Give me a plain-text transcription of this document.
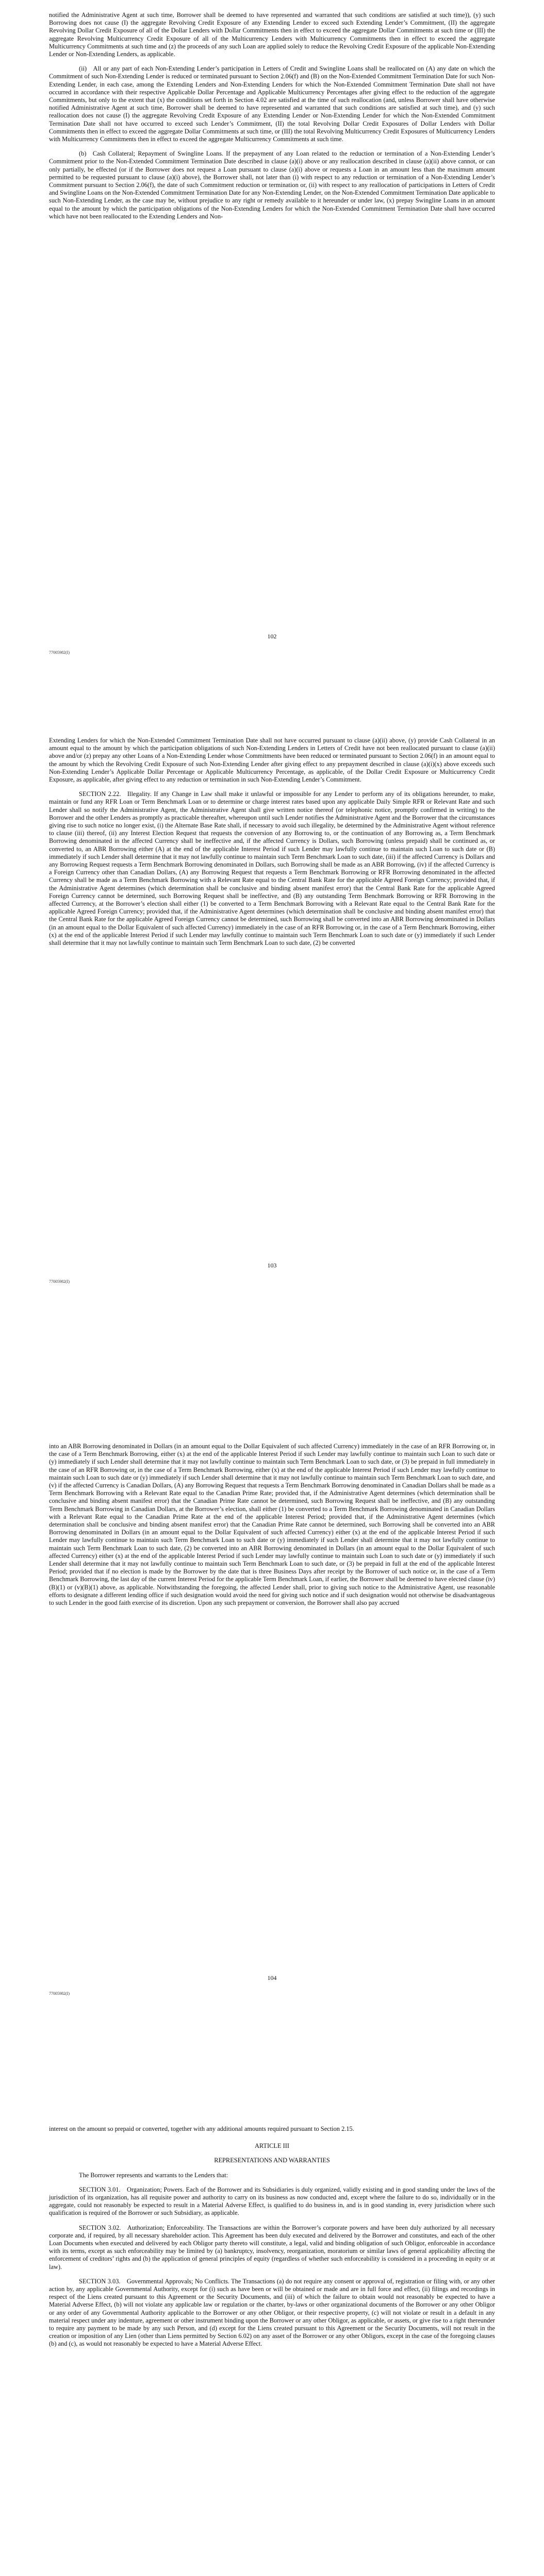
notified the Administrative Agent at such time, Borrower shall be deemed to have represented and warranted that such conditions are satisfied at such time)), (y) such Borrowing does not cause (I) the aggregate Revolving Credit Exposure of any Extending Lender to exceed such Extending Lender’s Commitment, (II) the aggregate Revolving Dollar Credit Exposure of all of the Dollar Lenders with Dollar Commitments then in effect to exceed the aggregate Dollar Commitments at such time or (III) the aggregate Revolving Multicurrency Credit Exposure of all of the Multicurrency Lenders with Multicurrency Commitments then in effect to exceed the aggregate Multicurrency Commitments at such time and (z) the proceeds of any such Loan are applied solely to reduce the Revolving Credit Exposure of the applicable Non-Extending Lender or Non-Extending Lenders, as applicable.

(ii) All or any part of each Non-Extending Lender’s participation in Letters of Credit and Swingline Loans shall be reallocated on (A) any date on which the Commitment of such Non-Extending Lender is reduced or terminated pursuant to Section 2.06(f) and (B) on the Non-Extended Commitment Termination Date for such Non-Extending Lender, in each case, among the Extending Lenders and Non-Extending Lenders for which the Non-Extended Commitment Termination Date shall not have occurred in accordance with their respective Applicable Dollar Percentage and Applicable Multicurrency Percentages after giving effect to the reduction of the aggregate Commitments, but only to the extent that (x) the conditions set forth in Section 4.02 are satisfied at the time of such reallocation (and, unless Borrower shall have otherwise notified Administrative Agent at such time, Borrower shall be deemed to have represented and warranted that such conditions are satisfied at such time), and (y) such reallocation does not cause (I) the aggregate Revolving Credit Exposure of any Extending Lender or Non-Extending Lender for which the Non-Extended Commitment Termination Date shall not have occurred to exceed such Lender’s Commitment, (II) the total Revolving Dollar Credit Exposures of Dollar Lenders with Dollar Commitments then in effect to exceed the aggregate Dollar Commitments at such time, or (III) the total Revolving Multicurrency Credit Exposures of Multicurrency Lenders with Multicurrency Commitments then in effect to exceed the aggregate Multicurrency Commitments at such time.

(b) Cash Collateral; Repayment of Swingline Loans. If the prepayment of any Loan related to the reduction or termination of a Non-Extending Lender’s Commitment prior to the Non-Extended Commitment Termination Date described in clause (a)(i) above or any reallocation described in clause (a)(ii) above cannot, or can only partially, be effected (or if the Borrower does not request a Loan pursuant to clause (a)(i) above or requests a Loan in an amount less than the maximum amount permitted to be requested pursuant to clause (a)(i) above), the Borrower shall, not later than (i) with respect to any reduction or termination of a Non-Extending Lender’s Commitment pursuant to Section 2.06(f), the date of such Commitment reduction or termination or, (ii) with respect to any reallocation of participations in Letters of Credit and Swingline Loans on the Non-Extended Commitment Termination Date for any Non-Extending Lender, on the Non-Extended Commitment Termination Date applicable to such Non-Extending Lender, as the case may be, without prejudice to any right or remedy available to it hereunder or under law, (x) prepay Swingline Loans in an amount equal to the amount by which the participation obligations of the Non-Extending Lenders for which the Non-Extended Commitment Termination Date shall have occurred which have not been reallocated to the Extending Lenders and Non-

102
77005982(I)

Extending Lenders for which the Non-Extended Commitment Termination Date shall not have occurred pursuant to clause (a)(ii) above, (y) provide Cash Collateral in an amount equal to the amount by which the participation obligations of such Non-Extending Lenders in Letters of Credit have not been reallocated pursuant to clause (a)(ii) above and/or (z) prepay any other Loans of a Non-Extending Lender whose Commitments have been reduced or terminated pursuant to Section 2.06(f) in an amount equal to the amount by which the Revolving Credit Exposure of such Non-Extending Lender after giving effect to any prepayment described in clause (a)(i)(x) above exceeds such Non-Extending Lender’s Applicable Dollar Percentage or Applicable Multicurrency Percentage, as applicable, of the Dollar Credit Exposure or Multicurrency Credit Exposure, as applicable, after giving effect to any reduction or termination in such Non-Extending Lender’s Commitment.

SECTION 2.22. Illegality. If any Change in Law shall make it unlawful or impossible for any Lender to perform any of its obligations hereunder, to make, maintain or fund any RFR Loan or Term Benchmark Loan or to determine or charge interest rates based upon any applicable Daily Simple RFR or Relevant Rate and such Lender shall so notify the Administrative Agent, the Administrative Agent shall give written notice thereof (or telephonic notice, promptly confirmed in writing) to the Borrower and the other Lenders as promptly as practicable thereafter, whereupon until such Lender notifies the Administrative Agent and the Borrower that the circumstances giving rise to such notice no longer exist, (i) the Alternate Base Rate shall, if necessary to avoid such illegality, be determined by the Administrative Agent without reference to clause (iii) thereof, (ii) any Interest Election Request that requests the conversion of any Borrowing to, or the continuation of any Borrowing as, a Term Benchmark Borrowing denominated in the affected Currency shall be ineffective and, if the affected Currency is Dollars, such Borrowing (unless prepaid) shall be continued as, or converted to, an ABR Borrowing either (A) at the end of the applicable Interest Period if such Lender may lawfully continue to maintain such Loan to such date or (B) immediately if such Lender shall determine that it may not lawfully continue to maintain such Term Benchmark Loan to such date, (iii) if the affected Currency is Dollars and any Borrowing Request requests a Term Benchmark Borrowing denominated in Dollars, such Borrowing shall be made as an ABR Borrowing, (iv) if the affected Currency is a Foreign Currency other than Canadian Dollars, (A) any Borrowing Request that requests a Term Benchmark Borrowing or RFR Borrowing denominated in the affected Currency shall be made as a Term Benchmark Borrowing with a Relevant Rate equal to the Central Bank Rate for the applicable Agreed Foreign Currency; provided that, if the Administrative Agent determines (which determination shall be conclusive and binding absent manifest error) that the Central Bank Rate for the applicable Agreed Foreign Currency cannot be determined, such Borrowing Request shall be ineffective, and (B) any outstanding Term Benchmark Borrowing or RFR Borrowing in the affected Currency, at the Borrower’s election shall either (1) be converted to a Term Benchmark Borrowing with a Relevant Rate equal to the Central Bank Rate for the applicable Agreed Foreign Currency; provided that, if the Administrative Agent determines (which determination shall be conclusive and binding absent manifest error) that the Central Bank Rate for the applicable Agreed Foreign Currency cannot be determined, such Borrowing shall be converted into an ABR Borrowing denominated in Dollars (in an amount equal to the Dollar Equivalent of such affected Currency) immediately in the case of an RFR Borrowing or, in the case of a Term Benchmark Borrowing, either (x) at the end of the applicable Interest Period if such Lender may lawfully continue to maintain such Term Benchmark Loan to such date or (y) immediately if such Lender shall determine that it may not lawfully continue to maintain such Term Benchmark Loan to such date, (2) be converted

103
77005982(I)

into an ABR Borrowing denominated in Dollars (in an amount equal to the Dollar Equivalent of such affected Currency) immediately in the case of an RFR Borrowing or, in the case of a Term Benchmark Borrowing, either (x) at the end of the applicable Interest Period if such Lender may lawfully continue to maintain such Loan to such date or (y) immediately if such Lender shall determine that it may not lawfully continue to maintain such Term Benchmark Loan to such date, or (3) be prepaid in full immediately in the case of an RFR Borrowing or, in the case of a Term Benchmark Borrowing, either (x) at the end of the applicable Interest Period if such Lender may lawfully continue to maintain such Loan to such date or (y) immediately if such Lender shall determine that it may not lawfully continue to maintain such Term Benchmark Loan to such date, and (v) if the affected Currency is Canadian Dollars, (A) any Borrowing Request that requests a Term Benchmark Borrowing denominated in Canadian Dollars shall be made as a Term Benchmark Borrowing with a Relevant Rate equal to the Canadian Prime Rate; provided that, if the Administrative Agent determines (which determination shall be conclusive and binding absent manifest error) that the Canadian Prime Rate cannot be determined, such Borrowing Request shall be ineffective, and (B) any outstanding Term Benchmark Borrowing in Canadian Dollars, at the Borrower’s election, shall either (1) be converted to a Term Benchmark Borrowing denominated in Canadian Dollars with a Relevant Rate equal to the Canadian Prime Rate at the end of the applicable Interest Period; provided that, if the Administrative Agent determines (which determination shall be conclusive and binding absent manifest error) that the Canadian Prime Rate cannot be determined, such Borrowing shall be converted into an ABR Borrowing denominated in Dollars (in an amount equal to the Dollar Equivalent of such affected Currency) either (x) at the end of the applicable Interest Period if such Lender may lawfully continue to maintain such Term Benchmark Loan to such date or (y) immediately if such Lender shall determine that it may not lawfully continue to maintain such Term Benchmark Loan to such date, (2) be converted into an ABR Borrowing denominated in Dollars (in an amount equal to the Dollar Equivalent of such affected Currency) either (x) at the end of the applicable Interest Period if such Lender may lawfully continue to maintain such Loan to such date or (y) immediately if such Lender shall determine that it may not lawfully continue to maintain such Term Benchmark Loan to such date, or (3) be prepaid in full at the end of the applicable Interest Period; provided that if no election is made by the Borrower by the date that is three Business Days after receipt by the Borrower of such notice or, in the case of a Term Benchmark Borrowing, the last day of the current Interest Period for the applicable Term Benchmark Loan, if earlier, the Borrower shall be deemed to have elected clause (iv)(B)(1) or (v)(B)(1) above, as applicable. Notwithstanding the foregoing, the affected Lender shall, prior to giving such notice to the Administrative Agent, use reasonable efforts to designate a different lending office if such designation would avoid the need for giving such notice and if such designation would not otherwise be disadvantageous to such Lender in the good faith exercise of its discretion. Upon any such prepayment or conversion, the Borrower shall also pay accrued

104
77005982(I)

interest on the amount so prepaid or converted, together with any additional amounts required pursuant to Section 2.15.

ARTICLE III

REPRESENTATIONS AND WARRANTIES

The Borrower represents and warrants to the Lenders that:

SECTION 3.01. Organization; Powers. Each of the Borrower and its Subsidiaries is duly organized, validly existing and in good standing under the laws of the jurisdiction of its organization, has all requisite power and authority to carry on its business as now conducted and, except where the failure to do so, individually or in the aggregate, could not reasonably be expected to result in a Material Adverse Effect, is qualified to do business in, and is in good standing in, every jurisdiction where such qualification is required of the Borrower or such Subsidiary, as applicable.

SECTION 3.02. Authorization; Enforceability. The Transactions are within the Borrower’s corporate powers and have been duly authorized by all necessary corporate and, if required, by all necessary shareholder action. This Agreement has been duly executed and delivered by the Borrower and constitutes, and each of the other Loan Documents when executed and delivered by each Obligor party thereto will constitute, a legal, valid and binding obligation of such Obligor, enforceable in accordance with its terms, except as such enforceability may be limited by (a) bankruptcy, insolvency, reorganization, moratorium or similar laws of general applicability affecting the enforcement of creditors’ rights and (b) the application of general principles of equity (regardless of whether such enforceability is considered in a proceeding in equity or at law).

SECTION 3.03. Governmental Approvals; No Conflicts. The Transactions (a) do not require any consent or approval of, registration or filing with, or any other action by, any applicable Governmental Authority, except for (i) such as have been or will be obtained or made and are in full force and effect, (ii) filings and recordings in respect of the Liens created pursuant to this Agreement or the Security Documents, and (iii) of which the failure to obtain would not reasonably be expected to have a Material Adverse Effect, (b) will not violate any applicable law or regulation or the charter, by-laws or other organizational documents of the Borrower or any other Obligor or any order of any Governmental Authority applicable to the Borrower or any other Obligor, or their respective property, (c) will not violate or result in a default in any material respect under any indenture, agreement or other instrument binding upon the Borrower or any other Obligor, as applicable, or assets, or give rise to a right thereunder to require any payment to be made by any such Person, and (d) except for the Liens created pursuant to this Agreement or the Security Documents, will not result in the creation or imposition of any Lien (other than Liens permitted by Section 6.02) on any asset of the Borrower or any other Obligors, except in the case of the foregoing clauses (b) and (c), as would not reasonably be expected to have a Material Adverse Effect.
